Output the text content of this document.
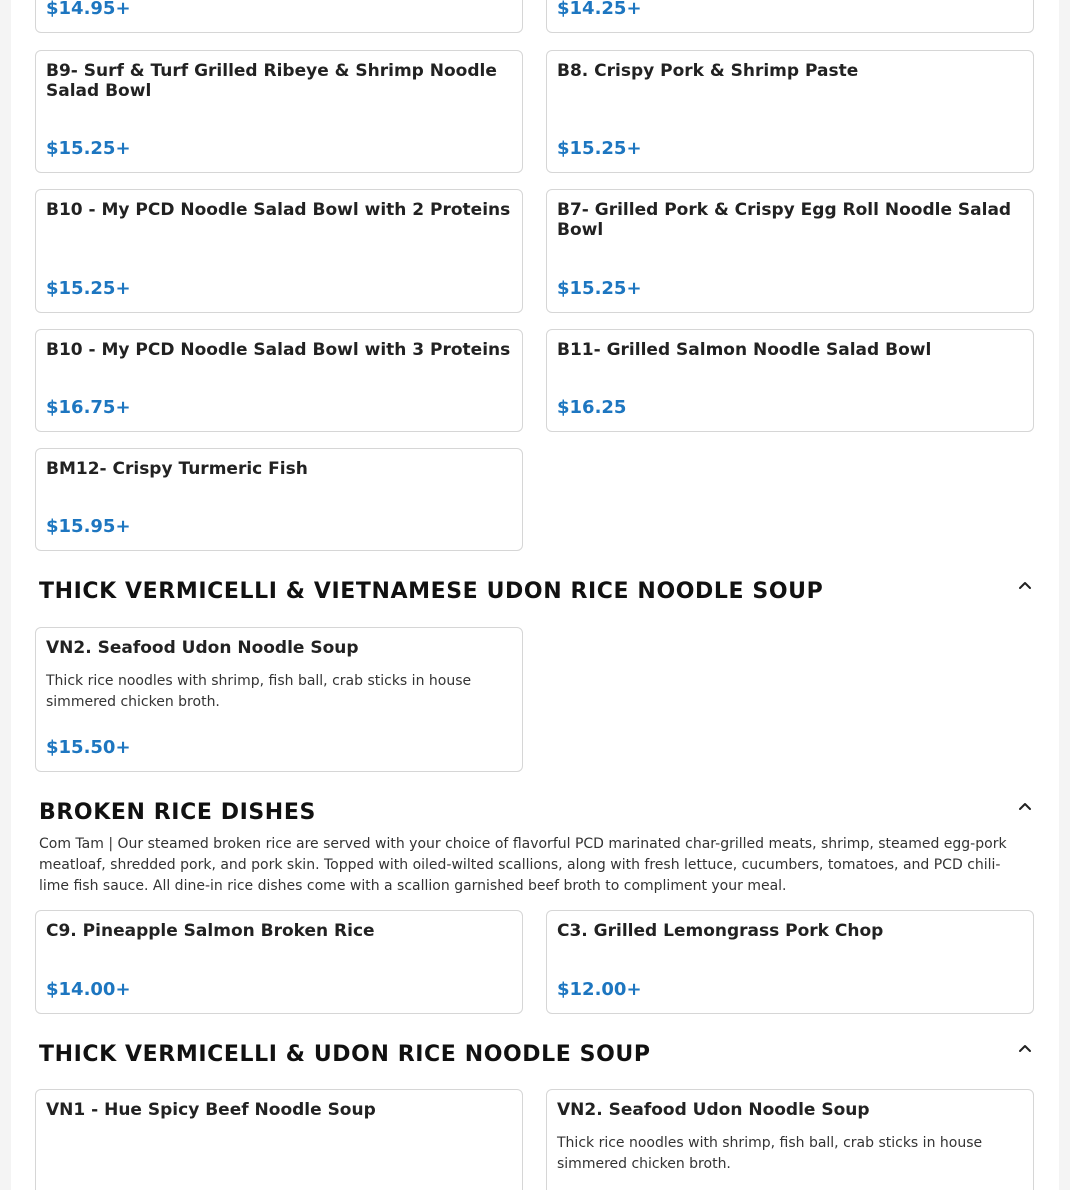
$14.95+	$14.25+
B9- Surf & Turf Grilled Ribeye & Shrimp Noodle Salad Bowl
$15.25+
B8. Crispy Pork & Shrimp Paste
$15.25+
B10 - My PCD Noodle Salad Bowl with 2 Proteins
$15.25+
B7- Grilled Pork & Crispy Egg Roll Noodle Salad Bowl
$15.25+
B10 - My PCD Noodle Salad Bowl with 3 Proteins
$16.75+
B11- Grilled Salmon Noodle Salad Bowl
$16.25
BM12- Crispy Turmeric Fish
$15.95+
THICK VERMICELLI & VIETNAMESE UDON RICE NOODLE SOUP
VN2. Seafood Udon Noodle Soup
Thick rice noodles with shrimp, fish ball, crab sticks in house simmered chicken broth.
$15.50+
BROKEN RICE DISHES
Com Tam | Our steamed broken rice are served with your choice of flavorful PCD marinated char-grilled meats, shrimp, steamed egg-pork meatloaf, shredded pork, and pork skin. Topped with oiled-wilted scallions, along with fresh lettuce, cucumbers, tomatoes, and PCD chili-lime fish sauce. All dine-in rice dishes come with a scallion garnished beef broth to compliment your meal.
C9. Pineapple Salmon Broken Rice
$14.00+
C3. Grilled Lemongrass Pork Chop
$12.00+
THICK VERMICELLI & UDON RICE NOODLE SOUP
VN1 - Hue Spicy Beef Noodle Soup	VN2. Seafood Udon Noodle Soup
Thick rice noodles with shrimp, fish ball, crab sticks in house simmered chicken broth.
